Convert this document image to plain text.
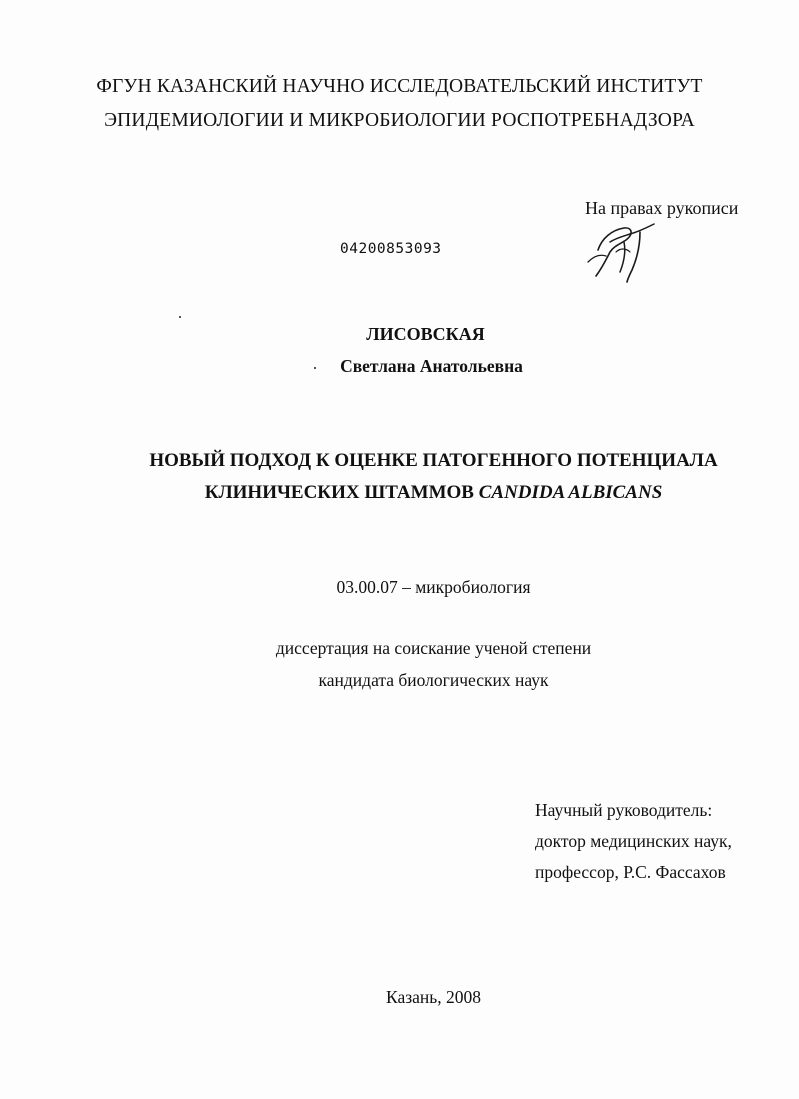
ФГУН КАЗАНСКИЙ НАУЧНО ИССЛЕДОВАТЕЛЬСКИЙ ИНСТИТУТ
ЭПИДЕМИОЛОГИИ И МИКРОБИОЛОГИИ РОСПОТРЕБНАДЗОРА
На правах рукописи
04200853093
ЛИСОВСКАЯ
Светлана Анатольевна
НОВЫЙ ПОДХОД К ОЦЕНКЕ ПАТОГЕННОГО ПОТЕНЦИАЛА
КЛИНИЧЕСКИХ ШТАММОВ CANDIDA ALBICANS
03.00.07 – микробиология
диссертация на соискание ученой степени
кандидата биологических наук
Научный руководитель:
доктор медицинских наук,
профессор, Р.С. Фассахов
Казань, 2008
